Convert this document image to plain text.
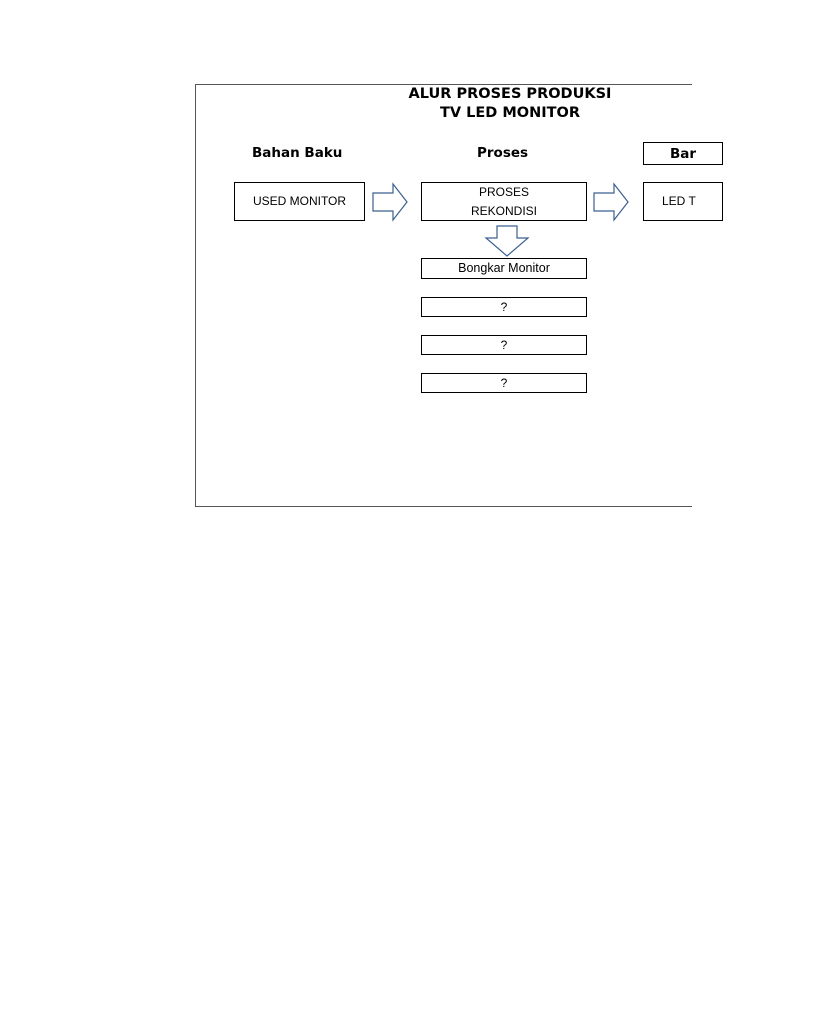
ALUR PROSES PRODUKSI
TV LED MONITOR
Bahan Baku	Proses	Bar
USED MONITOR
PROSES
REKONDISI
LED T
Bongkar Monitor
?
?
?
